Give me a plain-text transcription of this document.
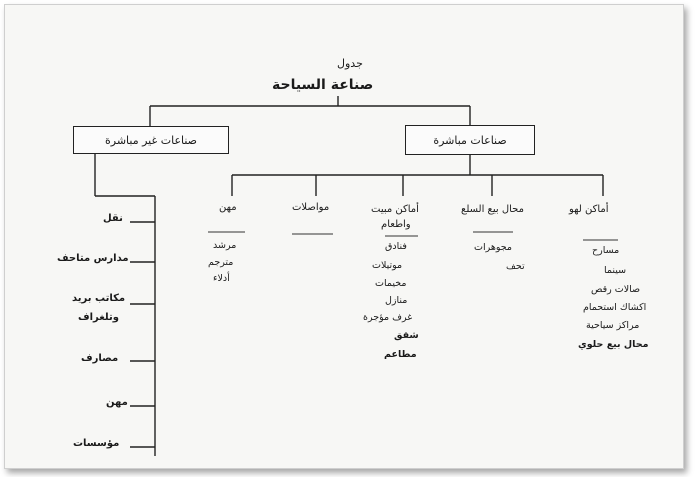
جدول
صناعة السياحة
صناعات مباشرة
صناعات غير مباشرة
أماكن لهو
محال بيع السلع
أماكن مبيت
واطعام
مواصلات
مهن
مسارح
سينما
صالات رقص
اكشاك استحمام
مراكز سياحية
محال بيع حلوي
مجوهرات
تحف
فنادق
موتيلات
مخيمات
منازل
غرف مؤجرة
شقق
مطاعم
مرشد
مترجم
أدلاء
نقل
مدارس متاحف
مكاتب بريد
وتلغراف
مصارف
مهن
مؤسسات
